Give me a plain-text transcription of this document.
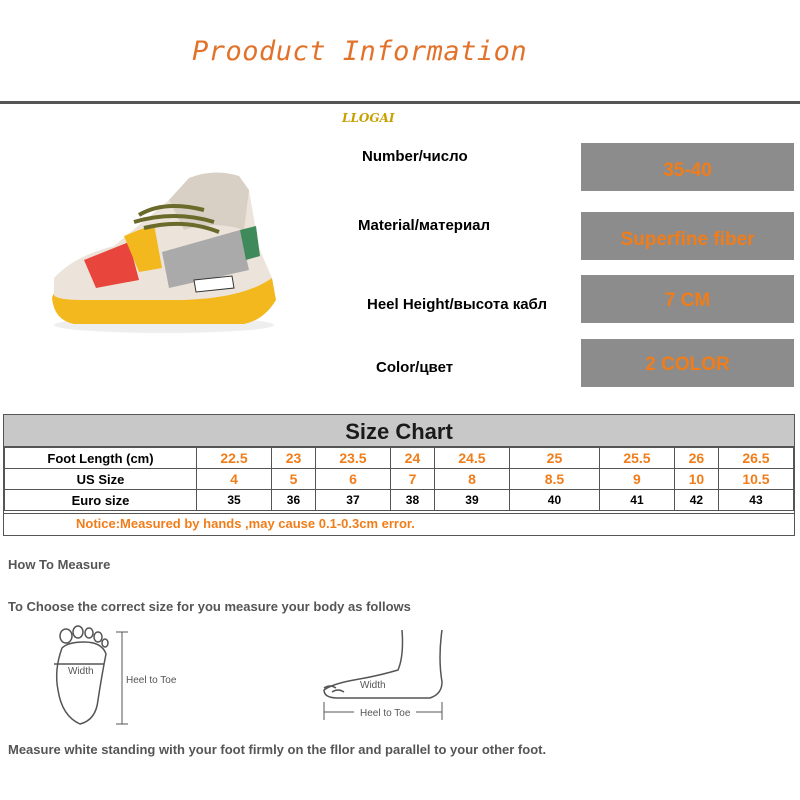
Prooduct Information
LLOGAI
Number/число
35-40
Material/материал
Superfine fiber
Heel Height/высота кабл	7 CM
Color/цвет	2 COLOR
Size Chart
Foot Length (cm)	22.5	23	23.5	24	24.5	25	25.5	26	26.5
US Size	4	5	6	7	8	8.5	9	10	10.5
Euro size	35	36	37	38	39	40	41	42	43
Notice:Measured by hands ,may cause 0.1-0.3cm error.
How To Measure
To Choose the correct size for you measure your body as follows
Width
Heel to Toe	Width
Heel to Toe
Measure white standing with your foot firmly on the fllor and parallel to your other foot.
